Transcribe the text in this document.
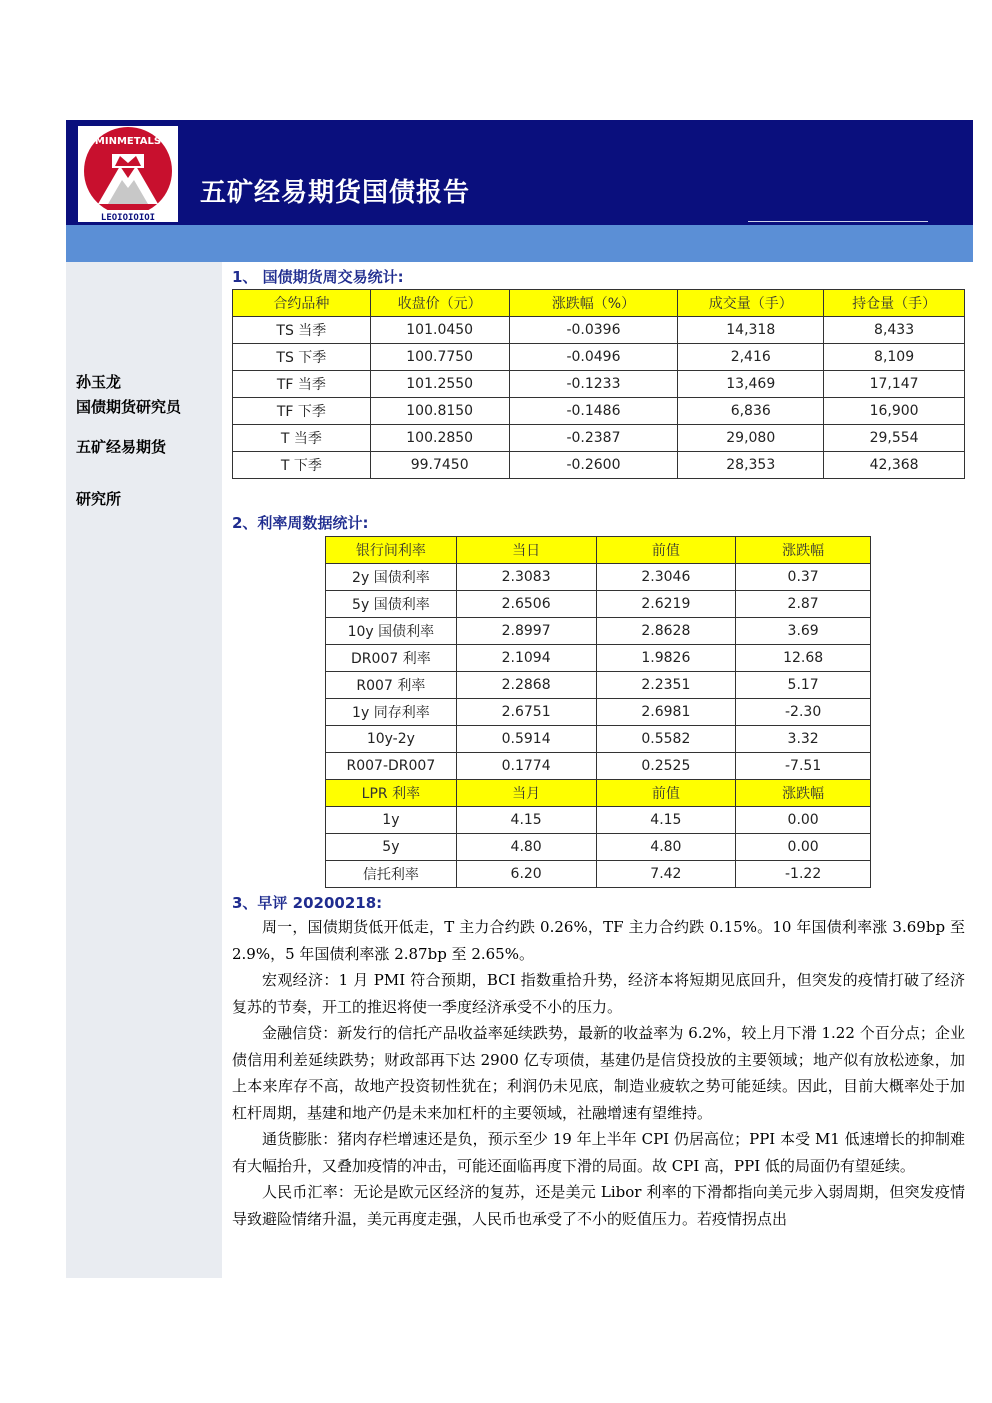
MINMETALS
LEOIOIOIOI
五矿经易期货国债报告
孙玉龙
国债期货研究员
五矿经易期货
研究所
1、 国债期货周交易统计:
合约品种	收盘价（元）	涨跌幅（%）	成交量（手）	持仓量（手）
TS 当季	101.0450	-0.0396	14,318	8,433
TS 下季	100.7750	-0.0496	2,416	8,109
TF 当季	101.2550	-0.1233	13,469	17,147
TF 下季	100.8150	-0.1486	6,836	16,900
T 当季	100.2850	-0.2387	29,080	29,554
T 下季	99.7450	-0.2600	28,353	42,368
2、利率周数据统计:
银行间利率	当日	前值	涨跌幅
2y 国债利率	2.3083	2.3046	0.37
5y 国债利率	2.6506	2.6219	2.87
10y 国债利率	2.8997	2.8628	3.69
DR007 利率	2.1094	1.9826	12.68
R007 利率	2.2868	2.2351	5.17
1y 同存利率	2.6751	2.6981	-2.30
10y-2y	0.5914	0.5582	3.32
R007-DR007	0.1774	0.2525	-7.51
LPR 利率	当月	前值	涨跌幅
1y	4.15	4.15	0.00
5y	4.80	4.80	0.00
信托利率	6.20	7.42	-1.22
3、早评 20200218:

周一，国债期货低开低走，T 主力合约跌 0.26%，TF 主力合约跌 0.15%。10 年国债利率涨 3.69bp 至 2.9%，5 年国债利率涨 2.87bp 至 2.65%。

宏观经济：1 月 PMI 符合预期，BCI 指数重拾升势，经济本将短期见底回升，但突发的疫情打破了经济复苏的节奏，开工的推迟将使一季度经济承受不小的压力。

金融信贷：新发行的信托产品收益率延续跌势，最新的收益率为 6.2%，较上月下滑 1.22 个百分点；企业债信用利差延续跌势；财政部再下达 2900 亿专项债，基建仍是信贷投放的主要领域；地产似有放松迹象，加上本来库存不高，故地产投资韧性犹在；利润仍未见底，制造业疲软之势可能延续。因此，目前大概率处于加杠杆周期，基建和地产仍是未来加杠杆的主要领域，社融增速有望维持。

通货膨胀：猪肉存栏增速还是负，预示至少 19 年上半年 CPI 仍居高位；PPI 本受 M1 低速增长的抑制难有大幅抬升，又叠加疫情的冲击，可能还面临再度下滑的局面。故 CPI 高，PPI 低的局面仍有望延续。

人民币汇率：无论是欧元区经济的复苏，还是美元 Libor 利率的下滑都指向美元步入弱周期，但突发疫情导致避险情绪升温，美元再度走强，人民币也承受了不小的贬值压力。若疫情拐点出
